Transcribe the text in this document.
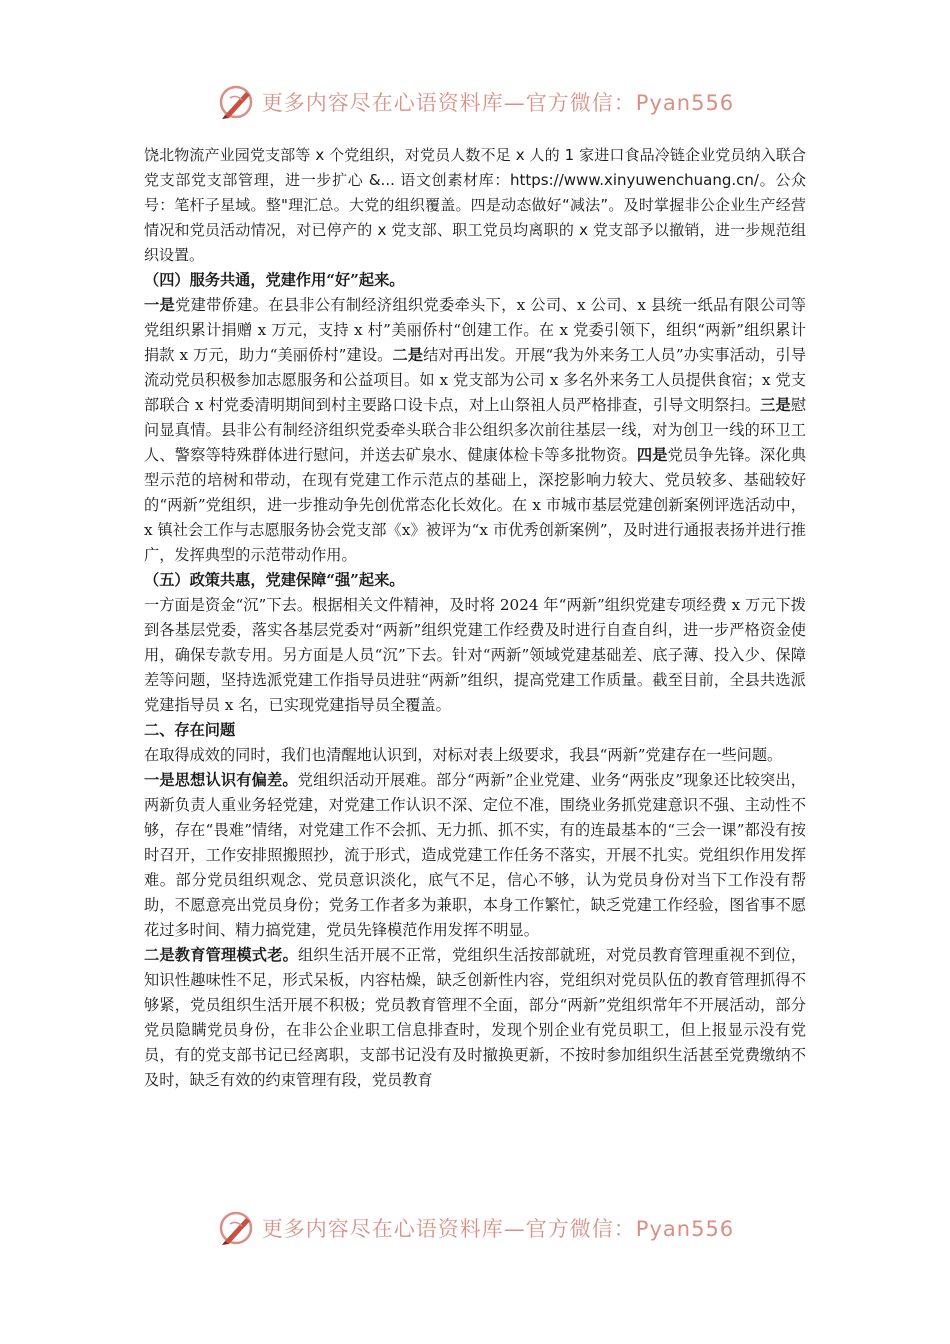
更多内容尽在心语资料库—官方微信：Pyan556

饶北物流产业园党支部等 x 个党组织，对党员人数不足 x 人的 1 家进口食品冷链企业党员纳入联合党支部党支部管理，进一步扩心 &... 语文创素材库：https://www.xinyuwenchuang.cn/。公众号：笔杆子星域。整"理汇总。大党的组织覆盖。四是动态做好“减法”。及时掌握非公企业生产经营情况和党员活动情况，对已停产的 x 党支部、职工党员均离职的 x 党支部予以撤销，进一步规范组织设置。

（四）服务共通，党建作用“好”起来。

一是党建带侨建。在县非公有制经济组织党委牵头下，x 公司、x 公司、x 县统一纸品有限公司等党组织累计捐赠 x 万元，支持 x 村”美丽侨村“创建工作。在 x 党委引领下，组织“两新”组织累计捐款 x 万元，助力“美丽侨村”建设。二是结对再出发。开展“我为外来务工人员”办实事活动，引导流动党员积极参加志愿服务和公益项目。如 x 党支部为公司 x 多名外来务工人员提供食宿；x 党支部联合 x 村党委清明期间到村主要路口设卡点，对上山祭祖人员严格排查，引导文明祭扫。三是慰问显真情。县非公有制经济组织党委牵头联合非公组织多次前往基层一线，对为创卫一线的环卫工人、警察等特殊群体进行慰问，并送去矿泉水、健康体检卡等多批物资。四是党员争先锋。深化典型示范的培树和带动，在现有党建工作示范点的基础上，深挖影响力较大、党员较多、基础较好的“两新”党组织，进一步推动争先创优常态化长效化。在 x 市城市基层党建创新案例评选活动中，x 镇社会工作与志愿服务协会党支部《x》被评为“x 市优秀创新案例”，及时进行通报表扬并进行推广，发挥典型的示范带动作用。

（五）政策共惠，党建保障“强”起来。

一方面是资金“沉”下去。根据相关文件精神，及时将 2024 年“两新”组织党建专项经费 x 万元下拨到各基层党委，落实各基层党委对“两新”组织党建工作经费及时进行自查自纠，进一步严格资金使用，确保专款专用。另方面是人员“沉”下去。针对“两新”领域党建基础差、底子薄、投入少、保障差等问题，坚持选派党建工作指导员进驻“两新”组织，提高党建工作质量。截至目前，全县共选派党建指导员 x 名，已实现党建指导员全覆盖。

二、存在问题

在取得成效的同时，我们也清醒地认识到，对标对表上级要求，我县“两新”党建存在一些问题。

一是思想认识有偏差。党组织活动开展难。部分“两新”企业党建、业务“两张皮”现象还比较突出，两新负责人重业务轻党建，对党建工作认识不深、定位不准，围绕业务抓党建意识不强、主动性不够，存在“畏难”情绪，对党建工作不会抓、无力抓、抓不实，有的连最基本的“三会一课”都没有按时召开，工作安排照搬照抄，流于形式，造成党建工作任务不落实，开展不扎实。党组织作用发挥难。部分党员组织观念、党员意识淡化，底气不足，信心不够，认为党员身份对当下工作没有帮助，不愿意亮出党员身份；党务工作者多为兼职，本身工作繁忙，缺乏党建工作经验，图省事不愿花过多时间、精力搞党建，党员先锋模范作用发挥不明显。

二是教育管理模式老。组织生活开展不正常，党组织生活按部就班，对党员教育管理重视不到位，知识性趣味性不足，形式呆板，内容枯燥，缺乏创新性内容，党组织对党员队伍的教育管理抓得不够紧，党员组织生活开展不积极；党员教育管理不全面，部分“两新”党组织常年不开展活动，部分党员隐瞒党员身份，在非公企业职工信息排查时，发现个别企业有党员职工，但上报显示没有党员，有的党支部书记已经离职，支部书记没有及时撤换更新，不按时参加组织生活甚至党费缴纳不及时，缺乏有效的约束管理有段，党员教育

更多内容尽在心语资料库—官方微信：Pyan556
